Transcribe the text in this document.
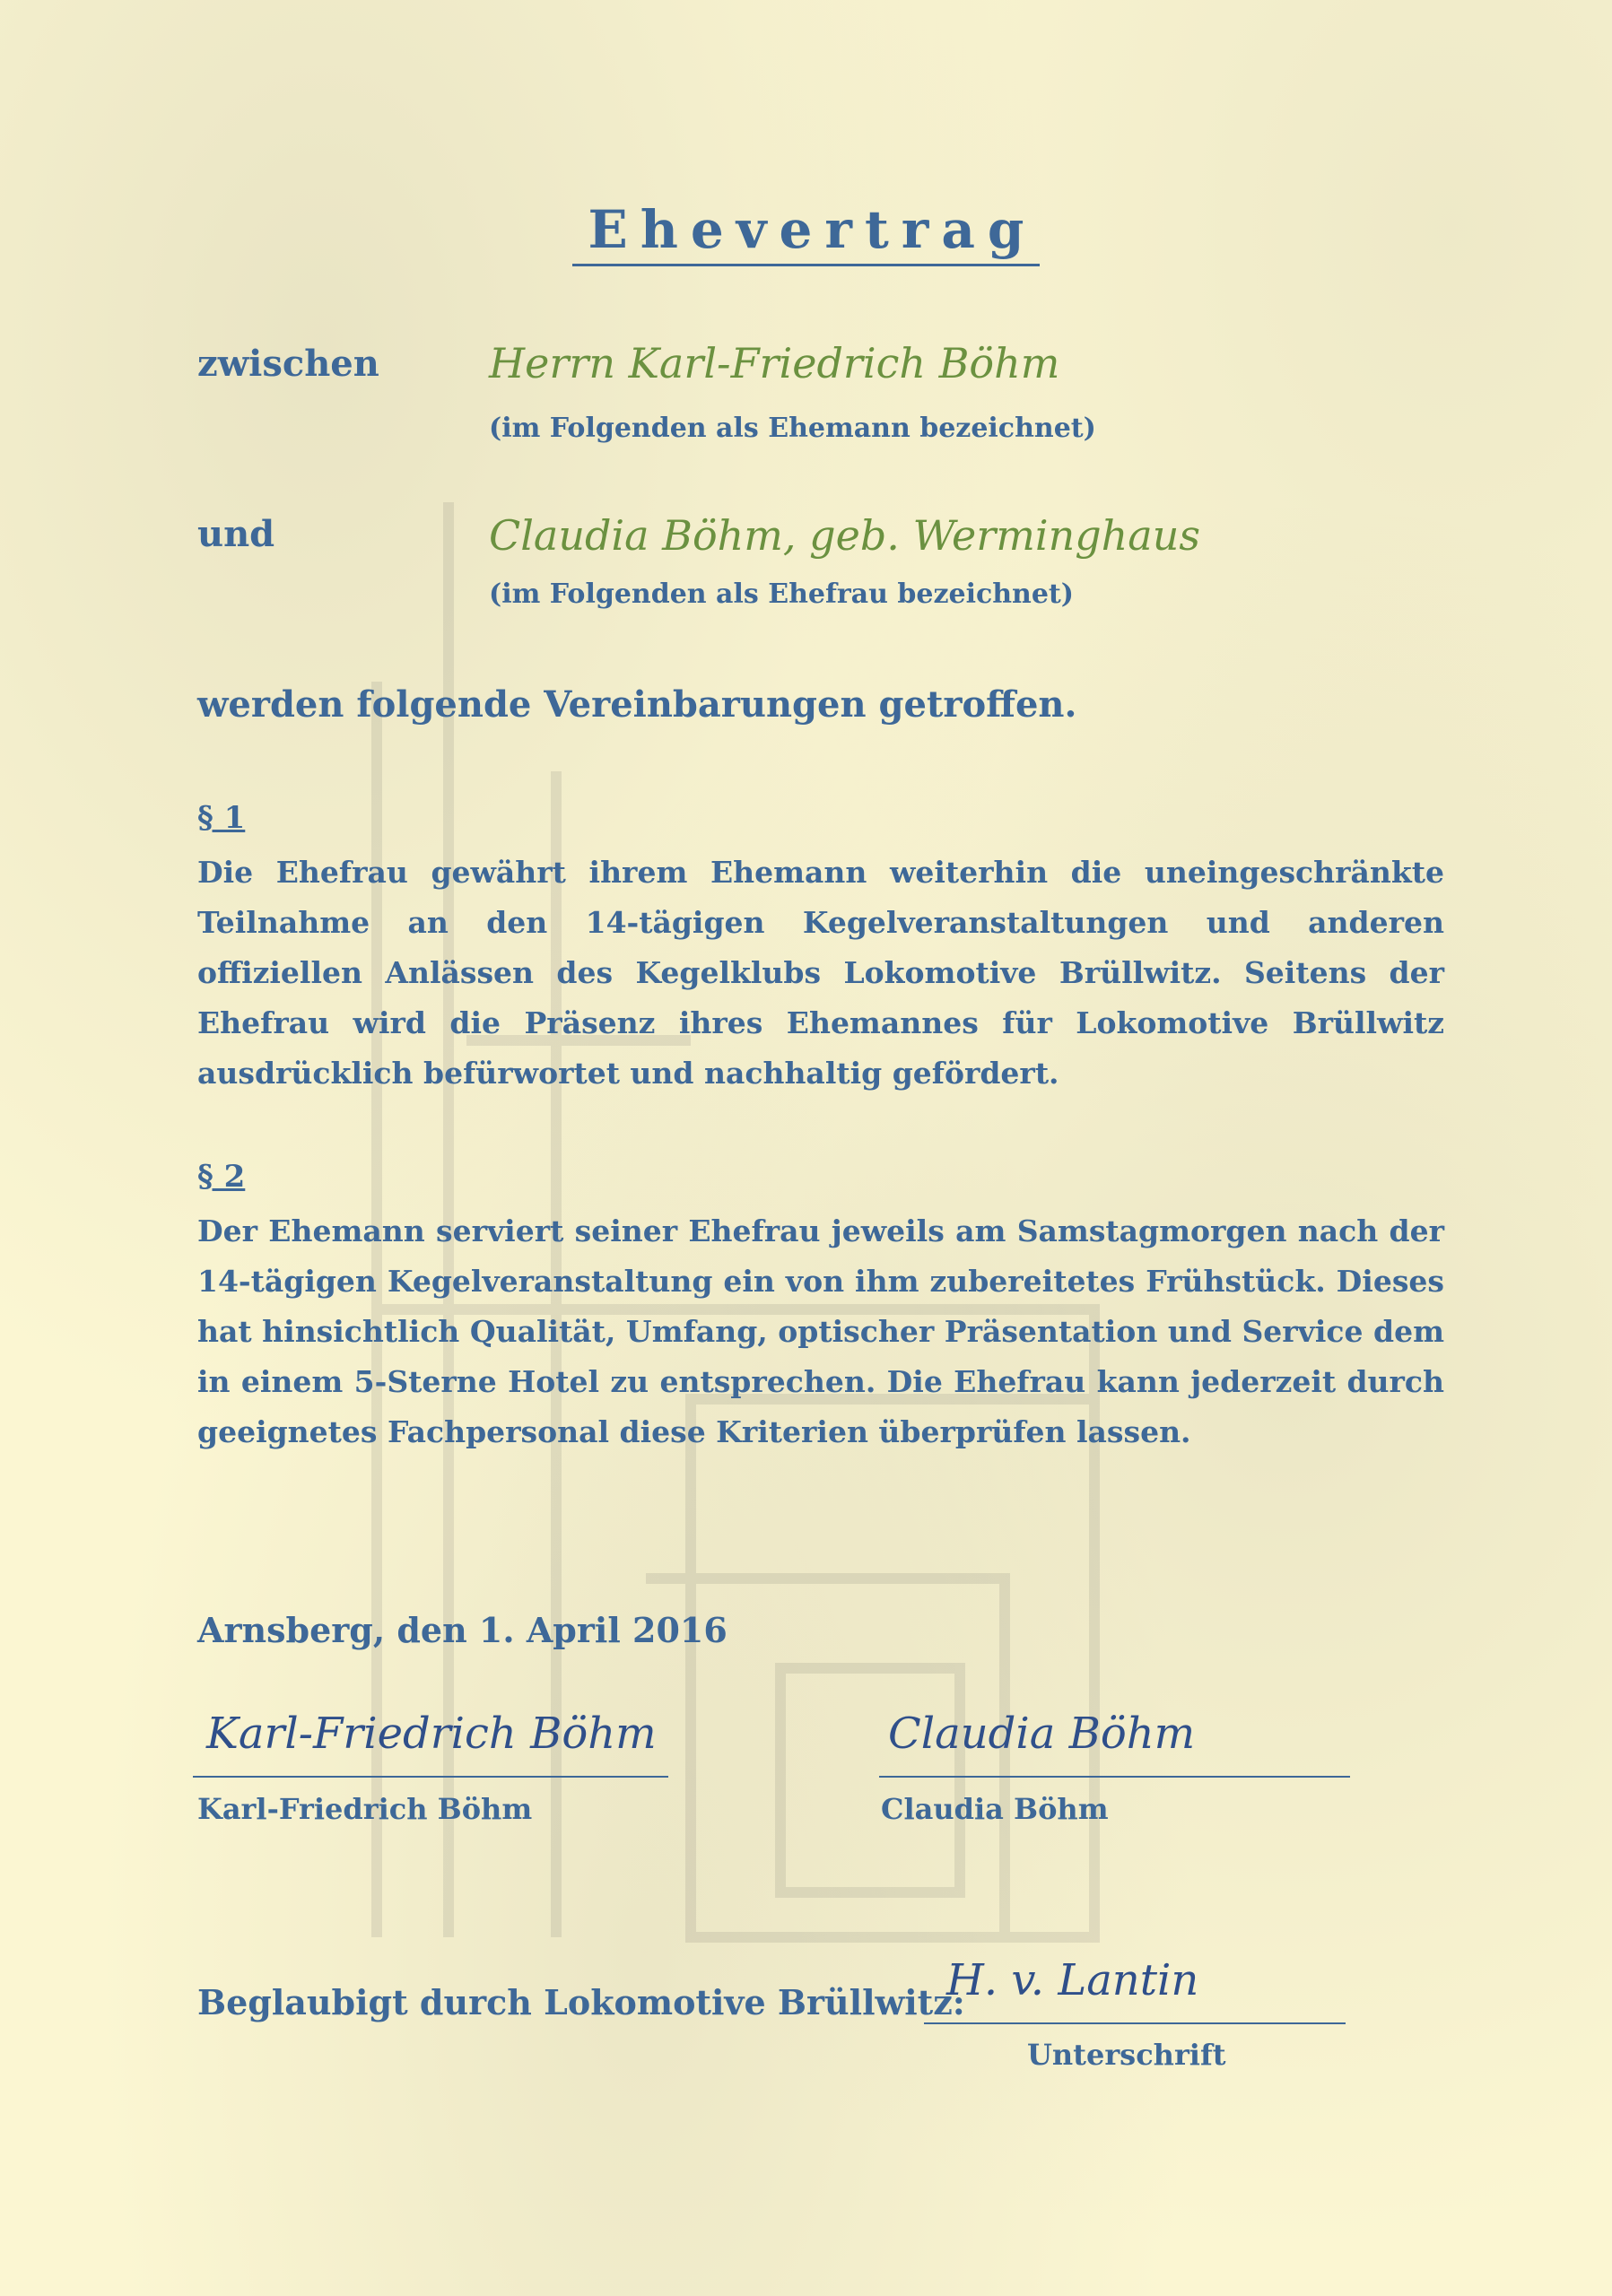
Ehevertrag
zwischen	Herrn Karl-Friedrich Böhm
(im Folgenden als Ehemann bezeichnet)
und	Claudia Böhm, geb. Werminghaus
(im Folgenden als Ehefrau bezeichnet)
werden folgende Vereinbarungen getroffen.
§ 1
Die Ehefrau gewährt ihrem Ehemann weiterhin die uneingeschränkte Teilnahme an den 14-tägigen Kegelveranstaltungen und anderen offiziellen Anlässen des Kegelklubs Lokomotive Brüllwitz. Seitens der Ehefrau wird die Präsenz ihres Ehemannes für Lokomotive Brüllwitz ausdrücklich befürwortet und nachhaltig gefördert.
§ 2
Der Ehemann serviert seiner Ehefrau jeweils am Samstagmorgen nach der 14-tägigen Kegelveranstaltung ein von ihm zubereitetes Frühstück. Dieses hat hinsichtlich Qualität, Umfang, optischer Präsentation und Service dem in einem 5-Sterne Hotel zu entsprechen. Die Ehefrau kann jederzeit durch geeignetes Fachpersonal diese Kriterien überprüfen lassen.
Arnsberg, den 1. April 2016
Karl-Friedrich Böhm
Karl-Friedrich Böhm
Claudia Böhm
Claudia Böhm
Beglaubigt durch Lokomotive Brüllwitz:
H. v. Lantin
Unterschrift
